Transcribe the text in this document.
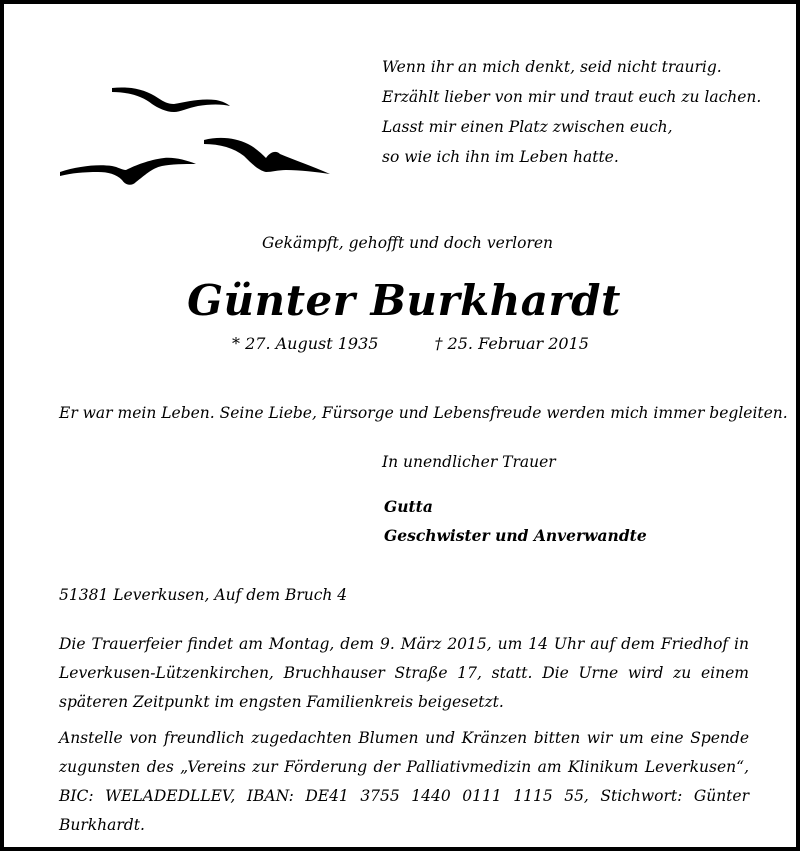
Wenn ihr an mich denkt, seid nicht traurig.
Erzählt lieber von mir und traut euch zu lachen.
Lasst mir einen Platz zwischen euch,
so wie ich ihn im Leben hatte.
Gekämpft, gehofft und doch verloren
Günter Burkhardt
* 27. August 1935	† 25. Februar 2015
Er war mein Leben. Seine Liebe, Fürsorge und Lebensfreude werden mich immer begleiten.
In unendlicher Trauer
Gutta
Geschwister und Anverwandte
51381 Leverkusen, Auf dem Bruch 4
Die Trauerfeier findet am Montag, dem 9. März 2015, um 14 Uhr auf dem Friedhof in Leverkusen-Lützenkirchen, Bruchhauser Straße 17, statt. Die Urne wird zu einem späteren Zeitpunkt im engsten Familienkreis beigesetzt.
Anstelle von freundlich zugedachten Blumen und Kränzen bitten wir um eine Spende zugunsten des „Vereins zur Förderung der Palliativmedizin am Klinikum Leverkusen“, BIC: WELADEDLLEV, IBAN: DE41 3755 1440 0111 1115 55, Stichwort: Günter Burkhardt.
